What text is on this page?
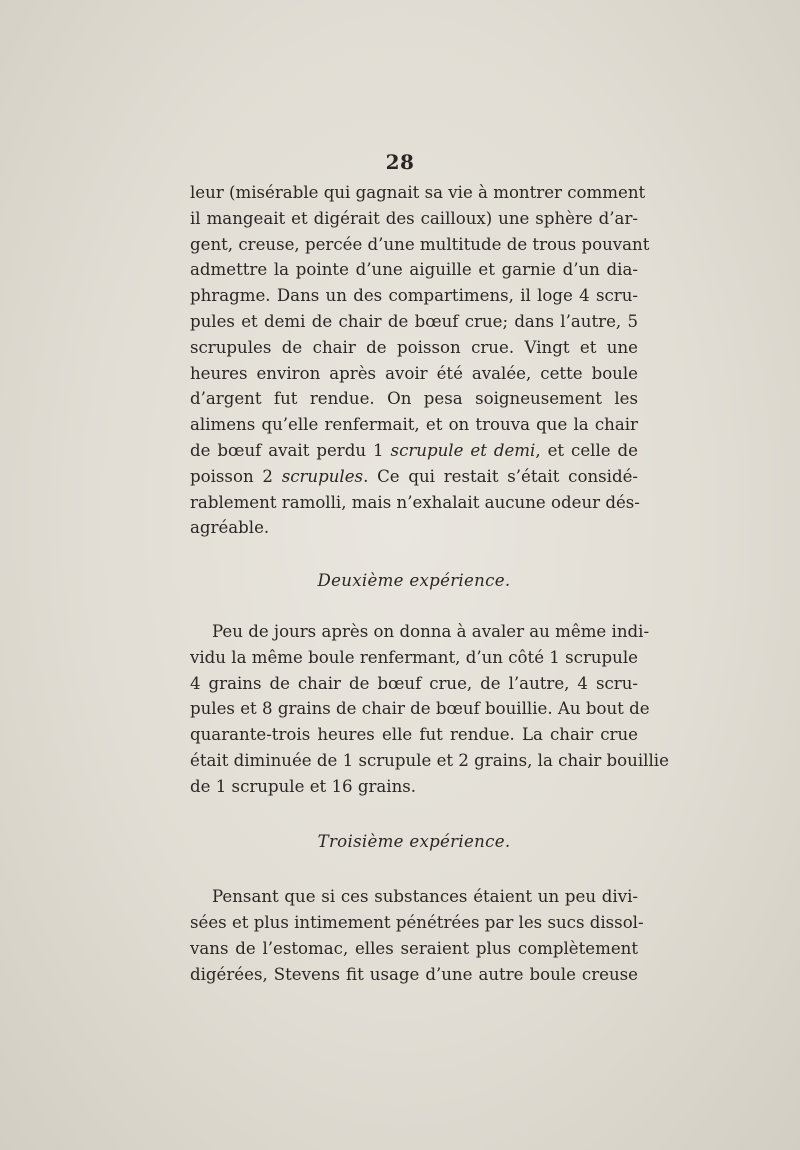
28
leur (misérable qui gagnait sa vie à montrer comment
il mangeait et digérait des cailloux) une sphère d’ar-
gent, creuse, percée d’une multitude de trous pouvant
admettre la pointe d’une aiguille et garnie d’un dia-
phragme. Dans un des compartimens, il loge 4 scru-
pules et demi de chair de bœuf crue; dans l’autre, 5
scrupules de chair de poisson crue. Vingt et une
heures environ après avoir été avalée, cette boule
d’argent fut rendue. On pesa soigneusement les
alimens qu’elle renfermait, et on trouva que la chair
de bœuf avait perdu 1 scrupule et demi, et celle de
poisson 2 scrupules. Ce qui restait s’était considé-
rablement ramolli, mais n’exhalait aucune odeur dés-
agréable.
Deuxième expérience.
Peu de jours après on donna à avaler au même indi-
vidu la même boule renfermant, d’un côté 1 scrupule
4 grains de chair de bœuf crue, de l’autre, 4 scru-
pules et 8 grains de chair de bœuf bouillie. Au bout de
quarante-trois heures elle fut rendue. La chair crue
était diminuée de 1 scrupule et 2 grains, la chair bouillie
de 1 scrupule et 16 grains.
Troisième expérience.
Pensant que si ces substances étaient un peu divi-
sées et plus intimement pénétrées par les sucs dissol-
vans de l’estomac, elles seraient plus complètement
digérées, Stevens fit usage d’une autre boule creuse
